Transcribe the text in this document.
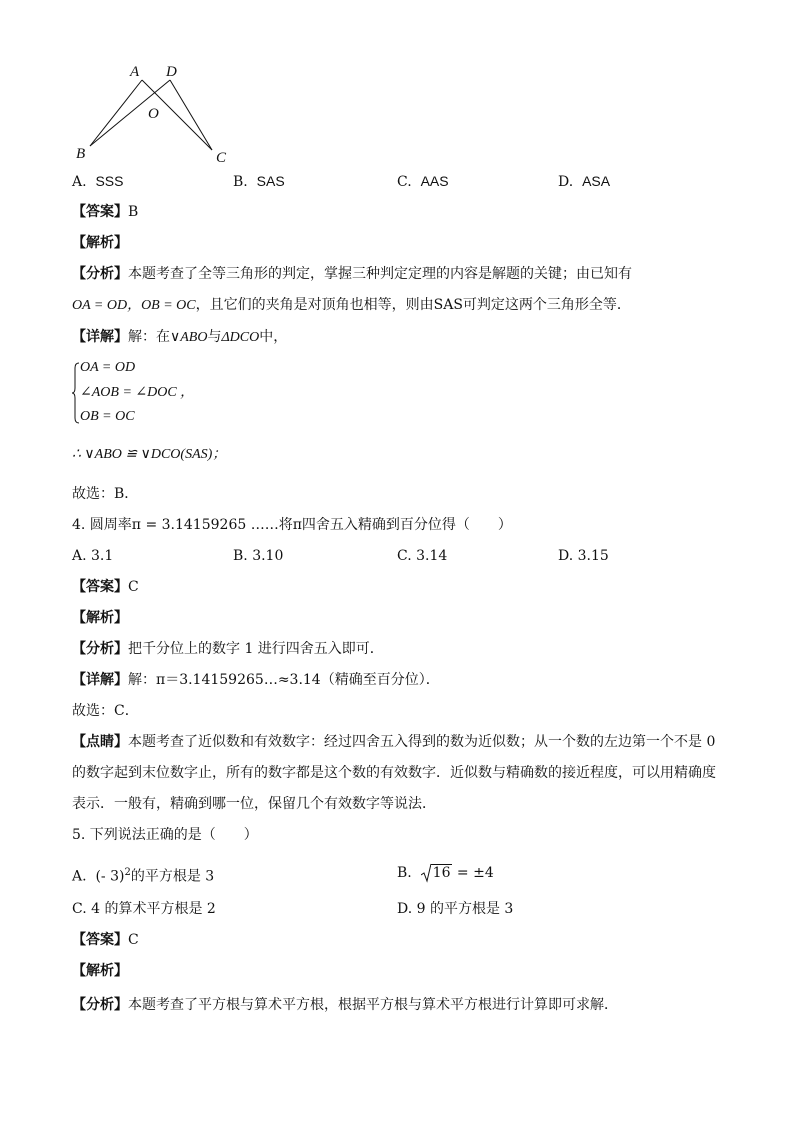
A D
O
B	C
A. SSS	B. SAS	C. AAS	D. ASA
【答案】B
【解析】
【分析】本题考查了全等三角形的判定，掌握三种判定定理的内容是解题的关键；由已知有
OA = OD，OB = OC，且它们的夹角是对顶角也相等，则由SAS可判定这两个三角形全等．
【详解】解：在∨ABO与ΔDCO中，
OA = OD
∠AOB = ∠DOC ，
OB = OC
∴ ∨ABO ≌ ∨DCO(SAS)；
故选：B．
4. 圆周率π = 3.14159265 ……将π四舍五入精确到百分位得（　　）
A. 3.1	B. 3.10	C. 3.14	D. 3.15
【答案】C
【解析】
【分析】把千分位上的数字 1 进行四舍五入即可．
【详解】解：π＝3.14159265…≈3.14（精确至百分位）．
故选：C．
【点睛】本题考查了近似数和有效数字：经过四舍五入得到的数为近似数；从一个数的左边第一个不是 0
的数字起到末位数字止，所有的数字都是这个数的有效数字．近似数与精确数的接近程度，可以用精确度
表示．一般有，精确到哪一位，保留几个有效数字等说法．
5. 下列说法正确的是（　　）
A. (- 3)$^2$的平方根是 3	B. 16 = ±4
C. 4 的算术平方根是 2	D. 9 的平方根是 3
【答案】C
【解析】
【分析】本题考查了平方根与算术平方根，根据平方根与算术平方根进行计算即可求解．
